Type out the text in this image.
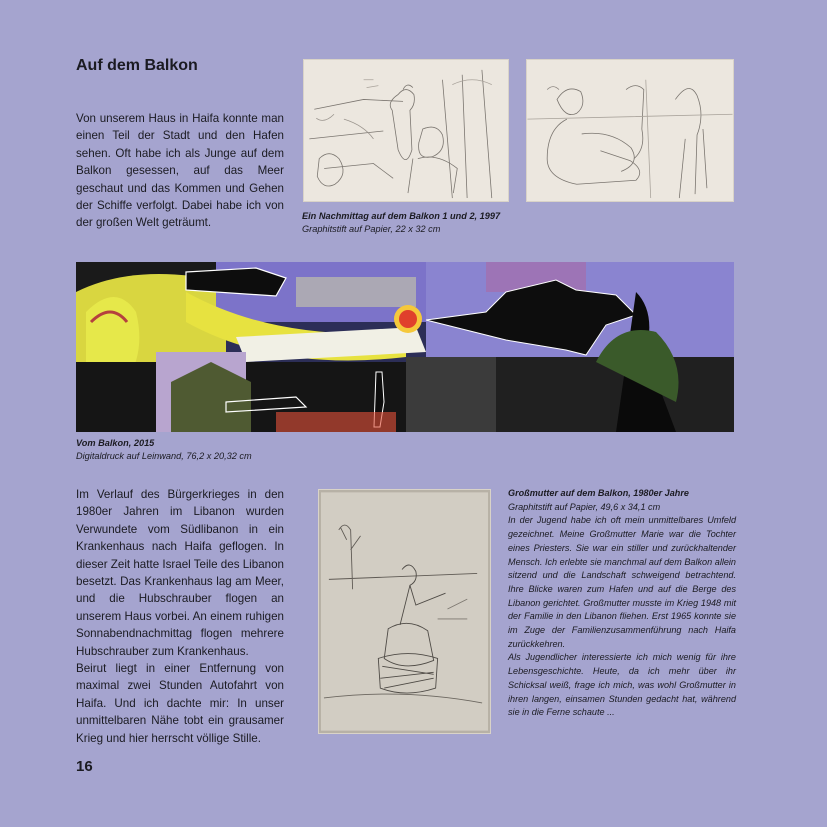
Auf dem Balkon
Von unserem Haus in Haifa konnte man einen Teil der Stadt und den Hafen sehen. Oft habe ich als Junge auf dem Balkon gesessen, auf das Meer geschaut und das Kommen und Gehen der Schiffe verfolgt. Dabei habe ich von der großen Welt geträumt.
Ein Nachmittag auf dem Balkon 1 und 2, 1997
Graphitstift auf Papier, 22 x 32 cm
Vom Balkon, 2015
Digitaldruck auf Leinwand, 76,2 x 20,32 cm

Im Verlauf des Bürgerkrieges in den 1980er Jahren im Libanon wurden Verwundete vom Südlibanon in ein Krankenhaus nach Haifa geflogen. In dieser Zeit hatte Israel Teile des Libanon besetzt. Das Krankenhaus lag am Meer, und die Hubschrauber flogen an unserem Haus vorbei. An einem ruhigen Sonnabendnachmittag flogen mehrere Hubschrauber zum Krankenhaus.

Beirut liegt in einer Entfernung von maximal zwei Stunden Autofahrt von Haifa. Und ich dachte mir: In unser unmittelbaren Nähe tobt ein grausamer Krieg und hier herrscht völlige Stille.

Großmutter auf dem Balkon, 1980er Jahre
Graphitstift auf Papier, 49,6 x 34,1 cm

In der Jugend habe ich oft mein unmittelbares Umfeld gezeichnet. Meine Großmutter Marie war die Tochter eines Priesters. Sie war ein stiller und zurückhaltender Mensch. Ich erlebte sie manchmal auf dem Balkon allein sitzend und die Landschaft schweigend betrachtend. Ihre Blicke waren zum Hafen und auf die Berge des Libanon gerichtet. Großmutter musste im Krieg 1948 mit der Familie in den Libanon fliehen. Erst 1965 konnte sie im Zuge der Familienzusammenführung nach Haifa zurückkehren.

Als Jugendlicher interessierte ich mich wenig für ihre Lebensgeschichte. Heute, da ich mehr über ihr Schicksal weiß, frage ich mich, was wohl Großmutter in ihren langen, einsamen Stunden gedacht hat, während sie in die Ferne schaute ...

16
